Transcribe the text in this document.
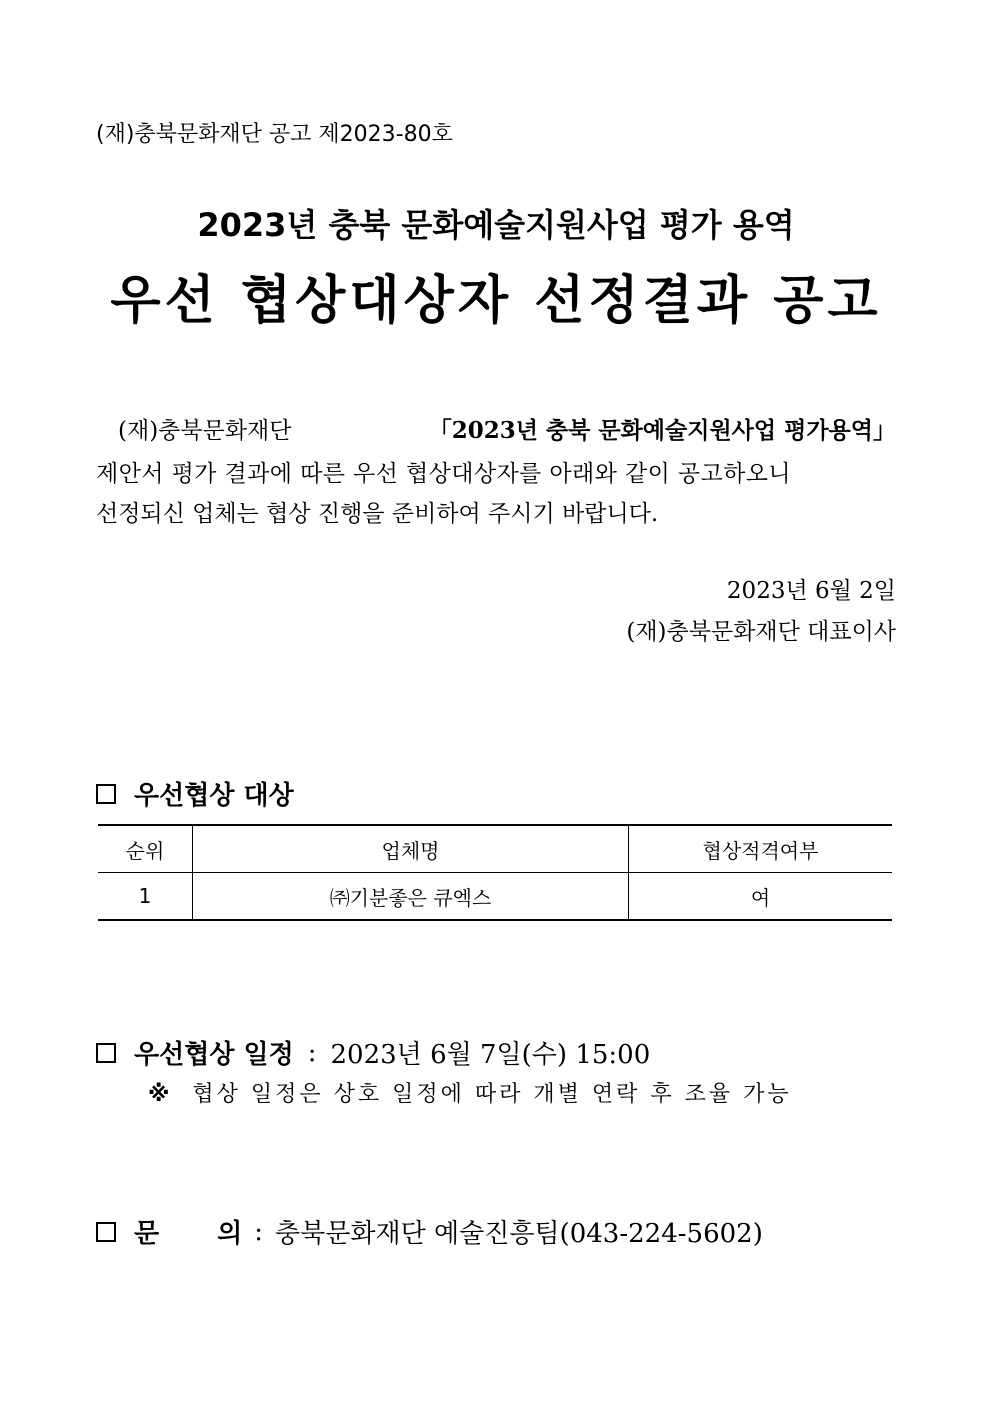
(재)충북문화재단 공고 제2023-80호
2023년 충북 문화예술지원사업 평가 용역
우선 협상대상자 선정결과 공고
(재)충북문화재단	「2023년 충북 문화예술지원사업 평가용역」
제안서 평가 결과에 따른 우선 협상대상자를 아래와 같이 공고하오니
선정되신 업체는 협상 진행을 준비하여 주시기 바랍니다.
2023년 6월 2일
(재)충북문화재단 대표이사
우선협상 대상
순위	업체명	협상적격여부
1	㈜기분좋은 큐엑스	여
우선협상 일정 : 2023년 6월 7일(수) 15:00
※ 협상 일정은 상호 일정에 따라 개별 연락 후 조율 가능
문 의 : 충북문화재단 예술진흥팀(043-224-5602)
